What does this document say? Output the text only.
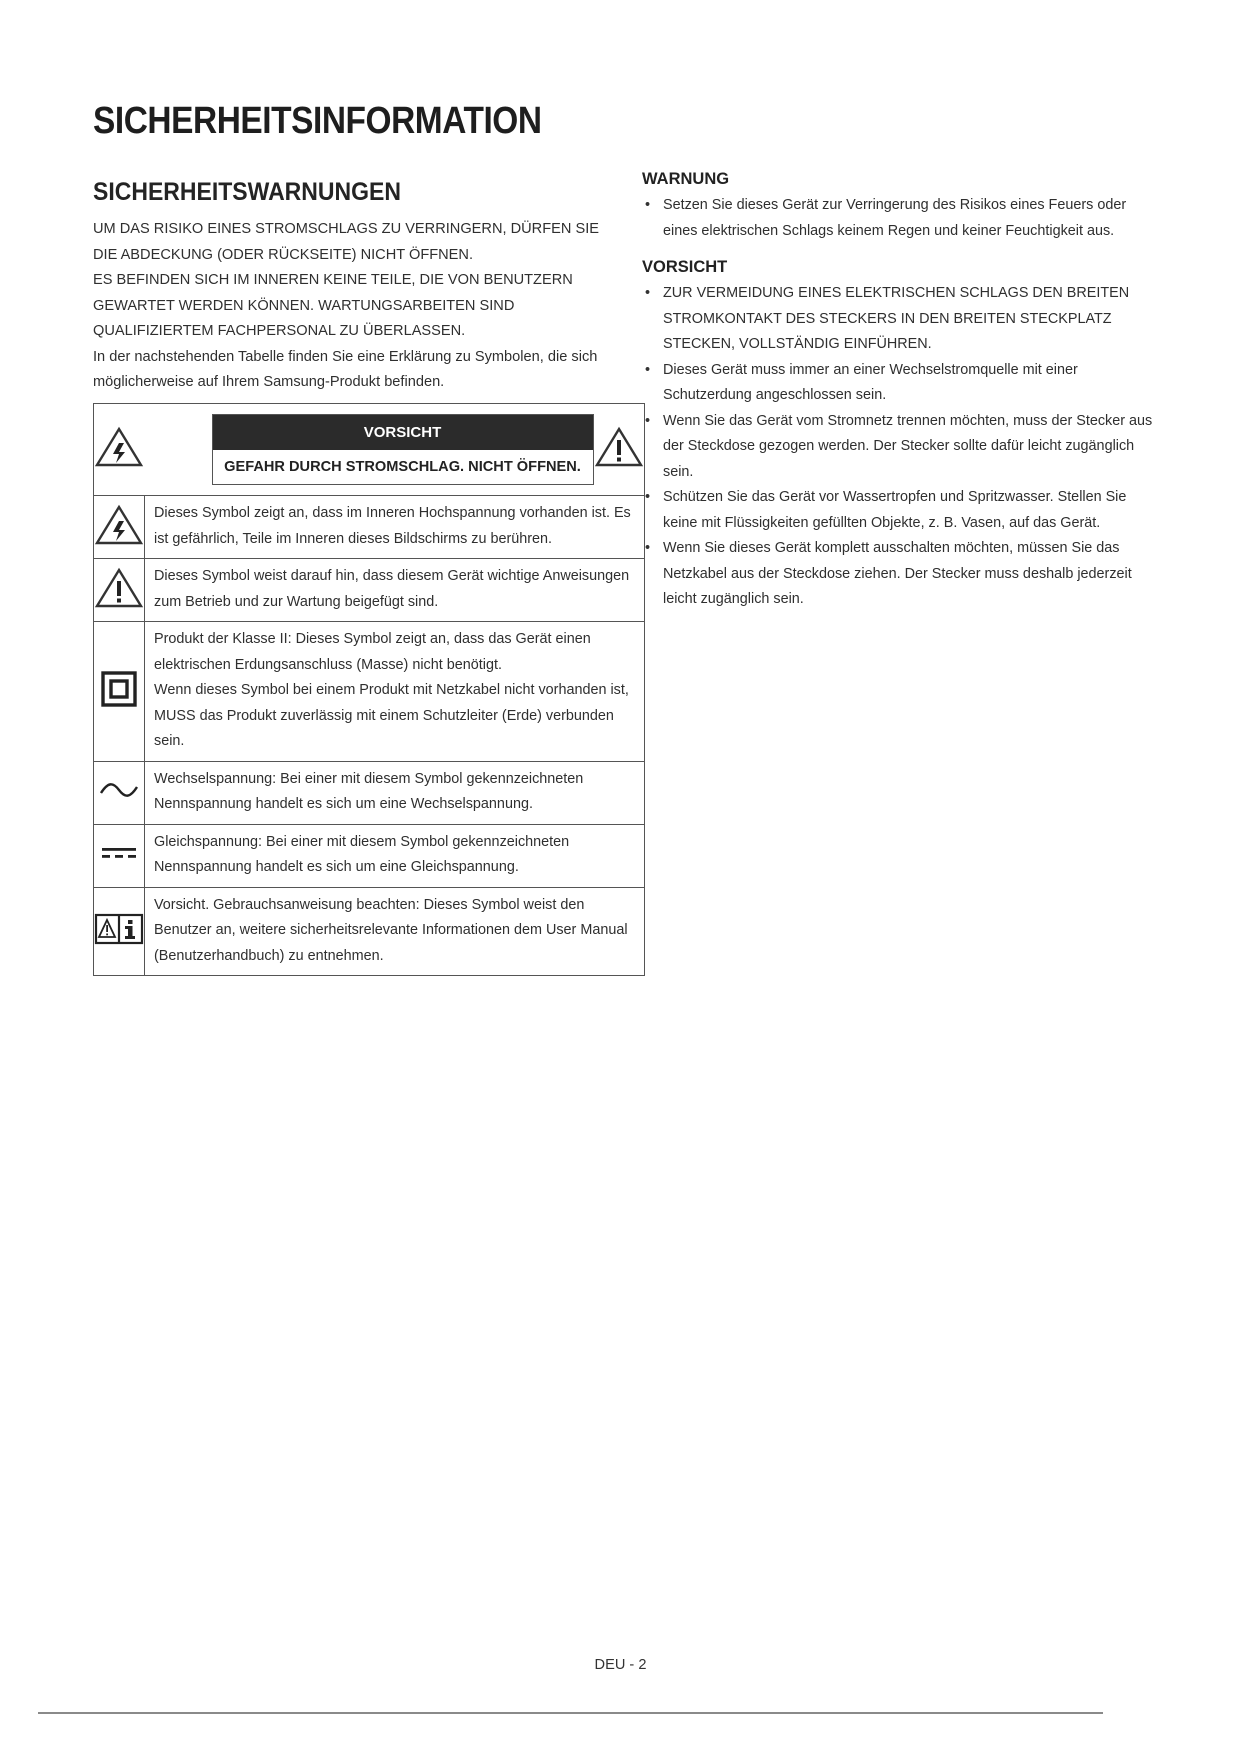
SICHERHEITSINFORMATION
SICHERHEITSWARNUNGEN

UM DAS RISIKO EINES STROMSCHLAGS ZU VERRINGERN, DÜRFEN SIE DIE ABDECKUNG (ODER RÜCKSEITE) NICHT ÖFFNEN.

ES BEFINDEN SICH IM INNEREN KEINE TEILE, DIE VON BENUTZERN GEWARTET WERDEN KÖNNEN. WARTUNGSARBEITEN SIND QUALIFIZIERTEM FACHPERSONAL ZU ÜBERLASSEN.

In der nachstehenden Tabelle finden Sie eine Erklärung zu Symbolen, die sich möglicherweise auf Ihrem Samsung-Produkt befinden.

VORSICHT
GEFAHR DURCH STROMSCHLAG. NICHT ÖFFNEN.

Dieses Symbol zeigt an, dass im Inneren Hochspannung vorhanden ist. Es ist gefährlich, Teile im Inneren dieses Bildschirms zu berühren.	

Dieses Symbol weist darauf hin, dass diesem Gerät wichtige Anweisungen zum Betrieb und zur Wartung beigefügt sind.	

Produkt der Klasse II: Dieses Symbol zeigt an, dass das Gerät einen elektrischen Erdungsanschluss (Masse) nicht benötigt.

Wenn dieses Symbol bei einem Produkt mit Netzkabel nicht vorhanden ist, MUSS das Produkt zuverlässig mit einem Schutzleiter (Erde) verbunden sein.	

Wechselspannung: Bei einer mit diesem Symbol gekennzeichneten Nennspannung handelt es sich um eine Wechselspannung.	

Gleichspannung: Bei einer mit diesem Symbol gekennzeichneten Nennspannung handelt es sich um eine Gleichspannung.	

Vorsicht. Gebrauchsanweisung beachten: Dieses Symbol weist den Benutzer an, weitere sicherheitsrelevante Informationen dem User Manual (Benutzerhandbuch) zu entnehmen.	

WARNUNG
• Setzen Sie dieses Gerät zur Verringerung des Risikos eines Feuers oder eines elektrischen Schlags keinem Regen und keiner Feuchtigkeit aus.
VORSICHT
• ZUR VERMEIDUNG EINES ELEKTRISCHEN SCHLAGS DEN BREITEN STROMKONTAKT DES STECKERS IN DEN BREITEN STECKPLATZ STECKEN, VOLLSTÄNDIG EINFÜHREN.
• Dieses Gerät muss immer an einer Wechselstromquelle mit einer Schutzerdung angeschlossen sein.
• Wenn Sie das Gerät vom Stromnetz trennen möchten, muss der Stecker aus der Steckdose gezogen werden. Der Stecker sollte dafür leicht zugänglich sein.
• Schützen Sie das Gerät vor Wassertropfen und Spritzwasser. Stellen Sie keine mit Flüssigkeiten gefüllten Objekte, z. B. Vasen, auf das Gerät.
• Wenn Sie dieses Gerät komplett ausschalten möchten, müssen Sie das Netzkabel aus der Steckdose ziehen. Der Stecker muss deshalb jederzeit leicht zugänglich sein.
DEU - 2
